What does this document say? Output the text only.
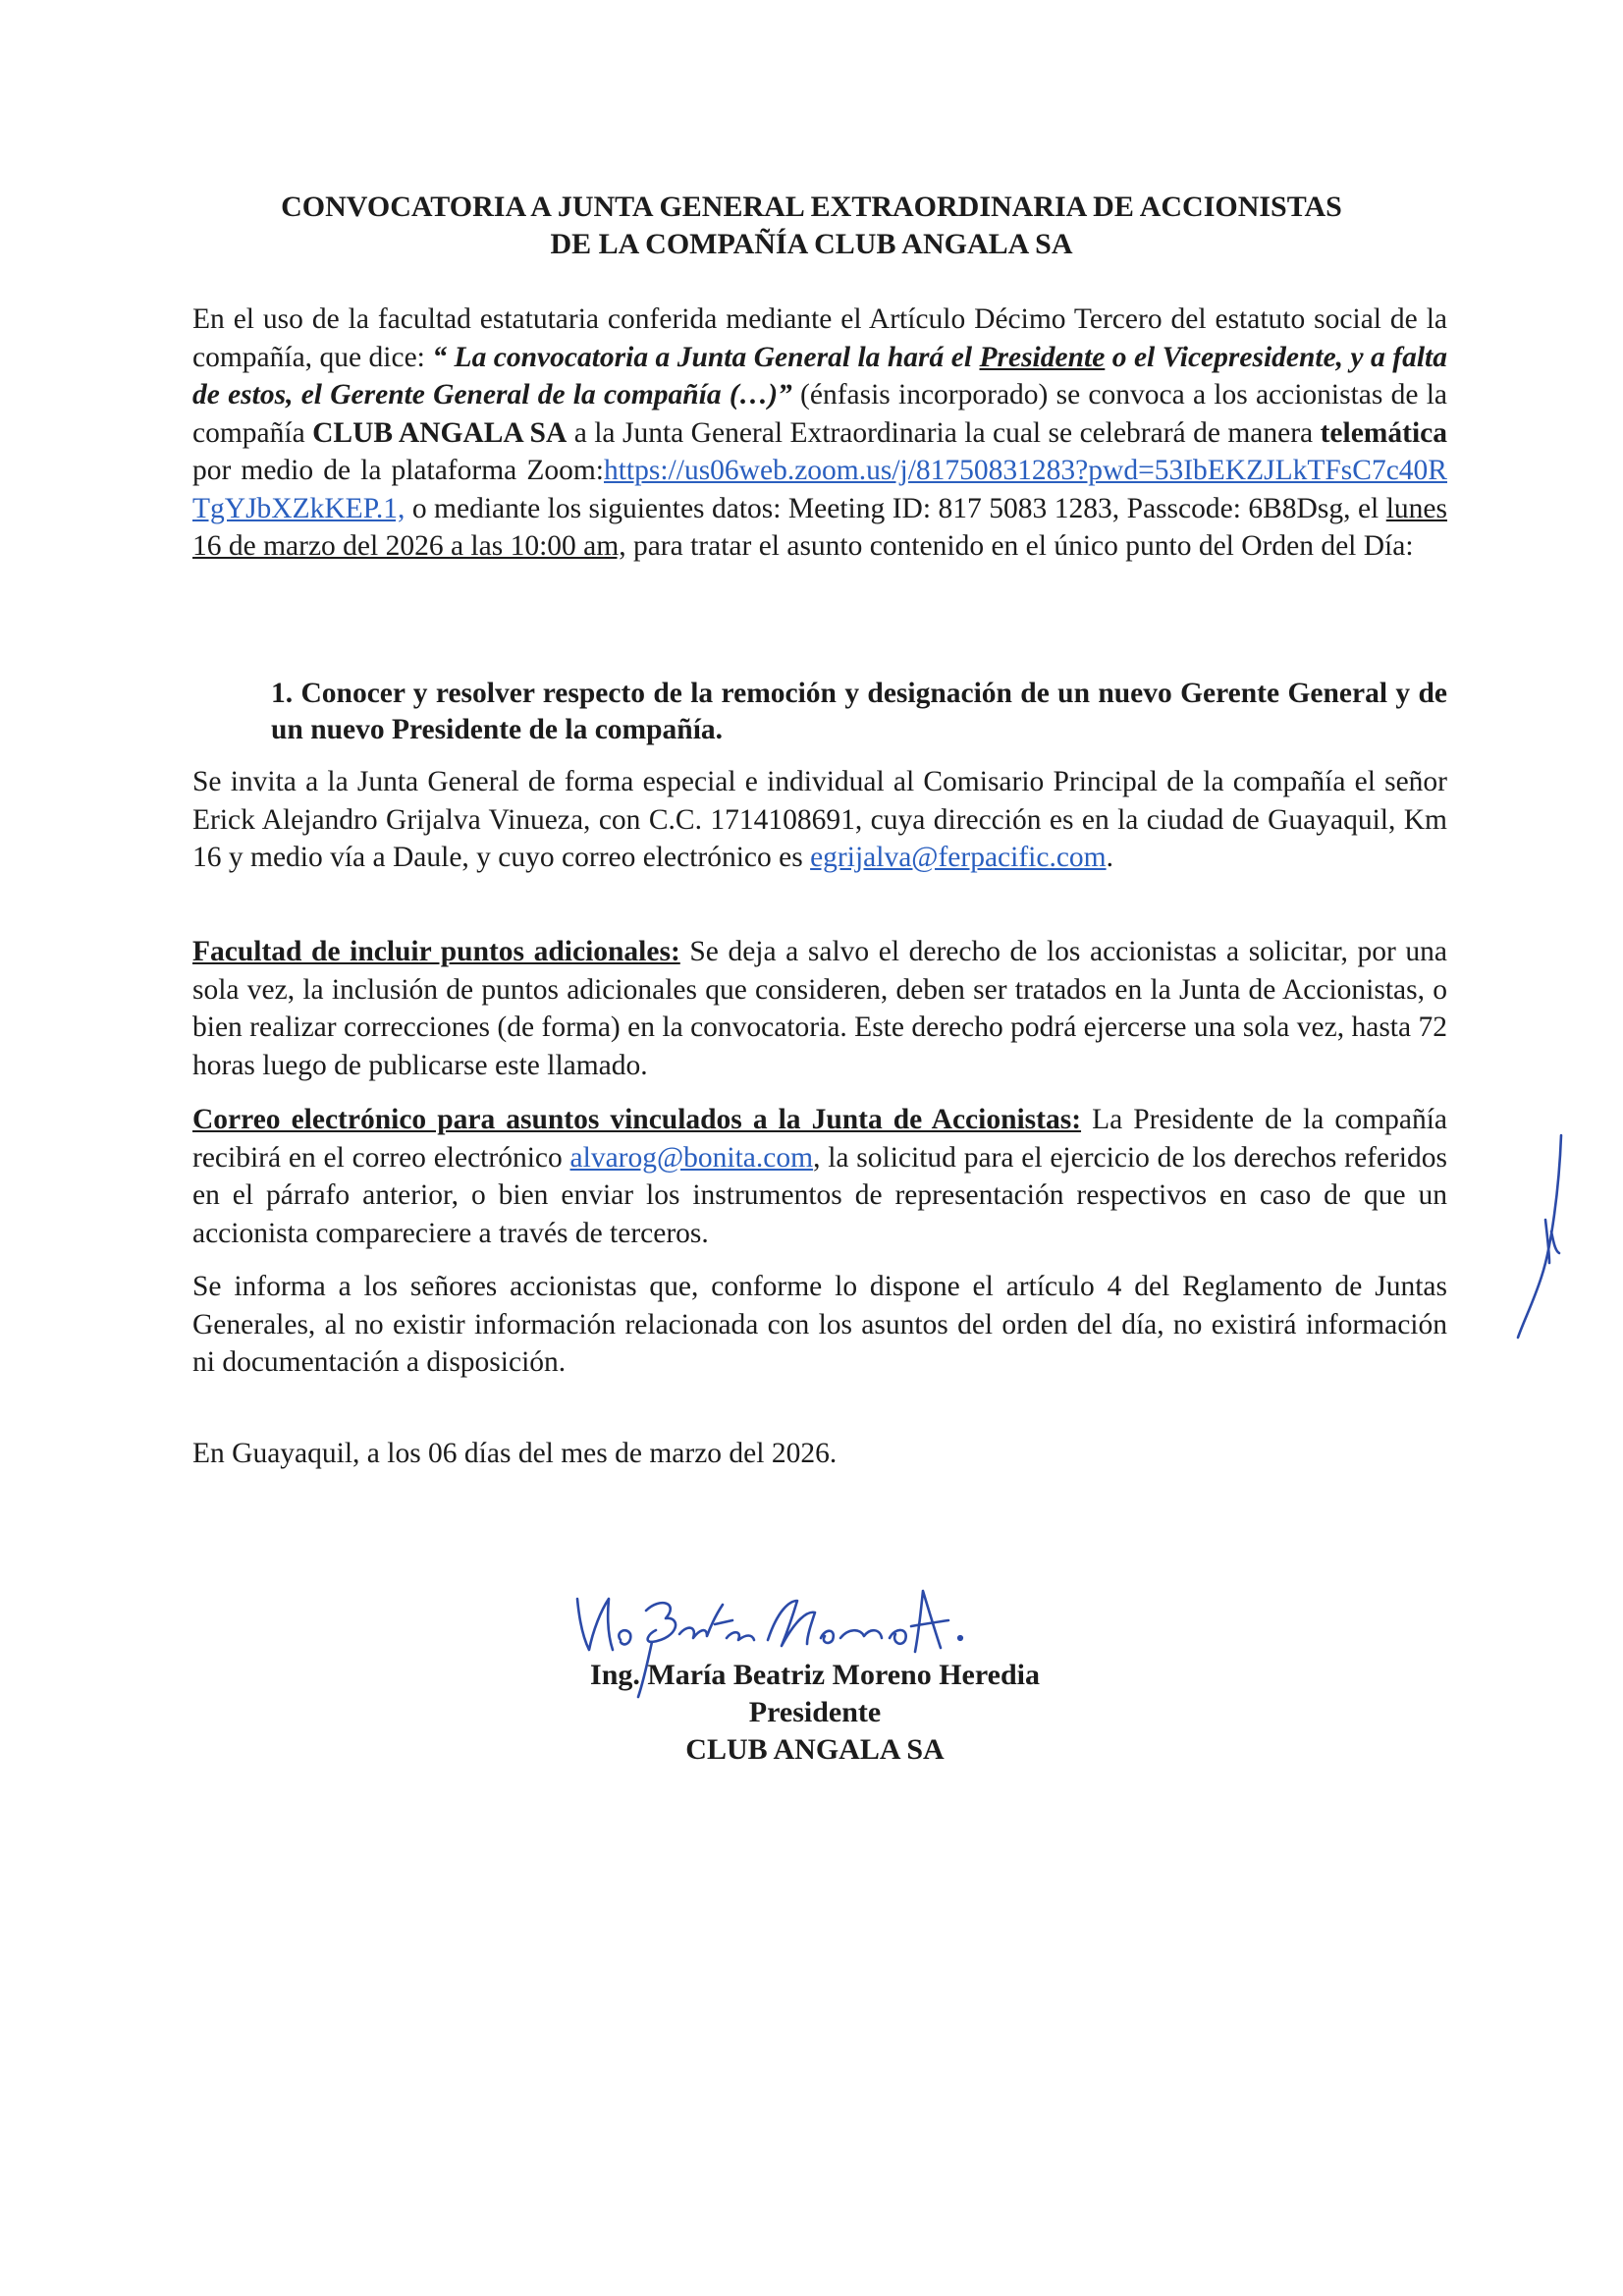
CONVOCATORIA A JUNTA GENERAL EXTRAORDINARIA DE ACCIONISTAS
DE LA COMPAÑÍA CLUB ANGALA SA
En el uso de la facultad estatutaria conferida mediante el Artículo Décimo Tercero del estatuto social de la compañía, que dice: “ La convocatoria a Junta General la hará el Presidente o el Vicepresidente, y a falta de estos, el Gerente General de la compañía (…)” (énfasis incorporado) se convoca a los accionistas de la compañía CLUB ANGALA SA a la Junta General Extraordinaria la cual se celebrará de manera telemática por medio de la plataforma Zoom:https://us06web.zoom.us/j/81750831283?pwd=53IbEKZJLkTFsC7c40RTgYJbXZkKEP.1, o mediante los siguientes datos: Meeting ID: 817 5083 1283, Passcode: 6B8Dsg, el lunes 16 de marzo del 2026 a las 10:00 am, para tratar el asunto contenido en el único punto del Orden del Día:
1. Conocer y resolver respecto de la remoción y designación de un nuevo Gerente General y de un nuevo Presidente de la compañía.
Se invita a la Junta General de forma especial e individual al Comisario Principal de la compañía el señor Erick Alejandro Grijalva Vinueza, con C.C. 1714108691, cuya dirección es en la ciudad de Guayaquil, Km 16 y medio vía a Daule, y cuyo correo electrónico es egrijalva@ferpacific.com.
Facultad de incluir puntos adicionales: Se deja a salvo el derecho de los accionistas a solicitar, por una sola vez, la inclusión de puntos adicionales que consideren, deben ser tratados en la Junta de Accionistas, o bien realizar correcciones (de forma) en la convocatoria. Este derecho podrá ejercerse una sola vez, hasta 72 horas luego de publicarse este llamado.
Correo electrónico para asuntos vinculados a la Junta de Accionistas: La Presidente de la compañía recibirá en el correo electrónico alvarog@bonita.com, la solicitud para el ejercicio de los derechos referidos en el párrafo anterior, o bien enviar los instrumentos de representación respectivos en caso de que un accionista compareciere a través de terceros.
Se informa a los señores accionistas que, conforme lo dispone el artículo 4 del Reglamento de Juntas Generales, al no existir información relacionada con los asuntos del orden del día, no existirá información ni documentación a disposición.
En Guayaquil, a los 06 días del mes de marzo del 2026.
Ing. María Beatriz Moreno Heredia
Presidente
CLUB ANGALA SA
